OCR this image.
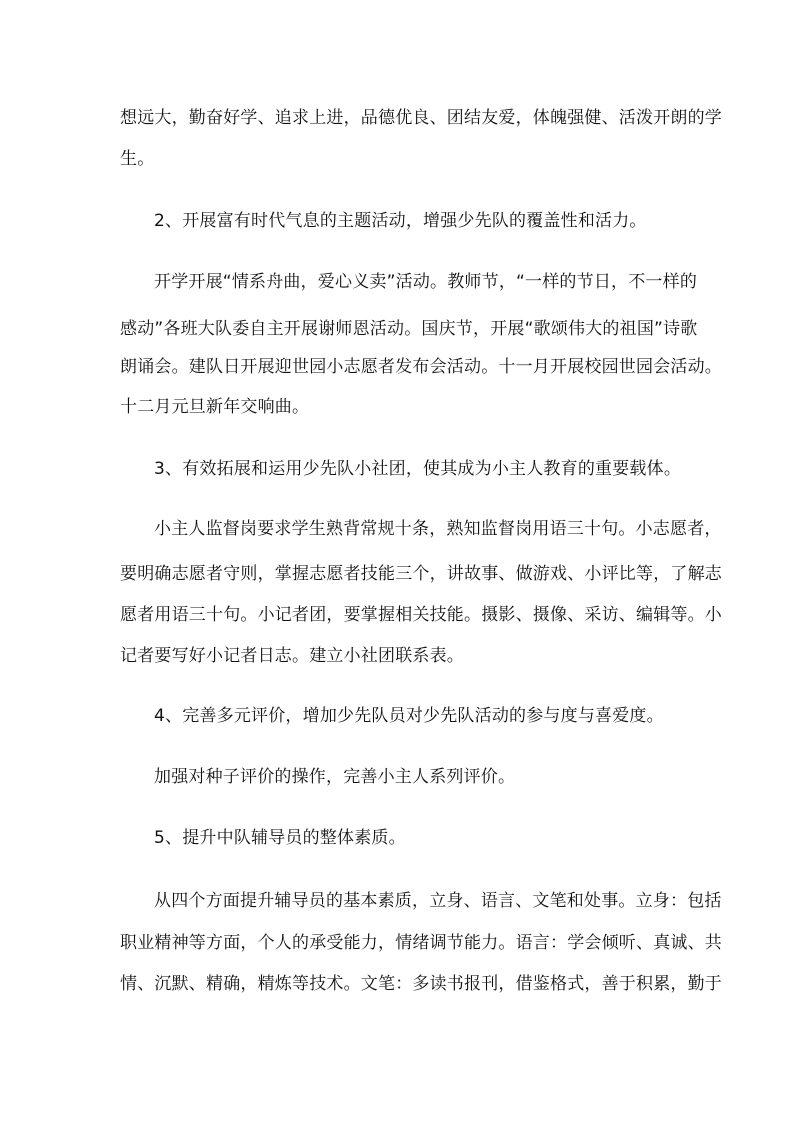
想远大，勤奋好学、追求上进，品德优良、团结友爱，体魄强健、活泼开朗的学
生。
2、开展富有时代气息的主题活动，增强少先队的覆盖性和活力。
开学开展“情系舟曲，爱心义卖”活动。教师节，“一样的节日，不一样的
感动”各班大队委自主开展谢师恩活动。国庆节，开展“歌颂伟大的祖国”诗歌
朗诵会。建队日开展迎世园小志愿者发布会活动。十一月开展校园世园会活动。
十二月元旦新年交响曲。
3、有效拓展和运用少先队小社团，使其成为小主人教育的重要载体。
小主人监督岗要求学生熟背常规十条，熟知监督岗用语三十句。小志愿者，
要明确志愿者守则，掌握志愿者技能三个，讲故事、做游戏、小评比等，了解志
愿者用语三十句。小记者团，要掌握相关技能。摄影、摄像、采访、编辑等。小
记者要写好小记者日志。建立小社团联系表。
4、完善多元评价，增加少先队员对少先队活动的参与度与喜爱度。
加强对种子评价的操作，完善小主人系列评价。
5、提升中队辅导员的整体素质。
从四个方面提升辅导员的基本素质，立身、语言、文笔和处事。立身：包括
职业精神等方面，个人的承受能力，情绪调节能力。语言：学会倾听、真诚、共
情、沉默、精确，精炼等技术。文笔：多读书报刊，借鉴格式，善于积累，勤于
